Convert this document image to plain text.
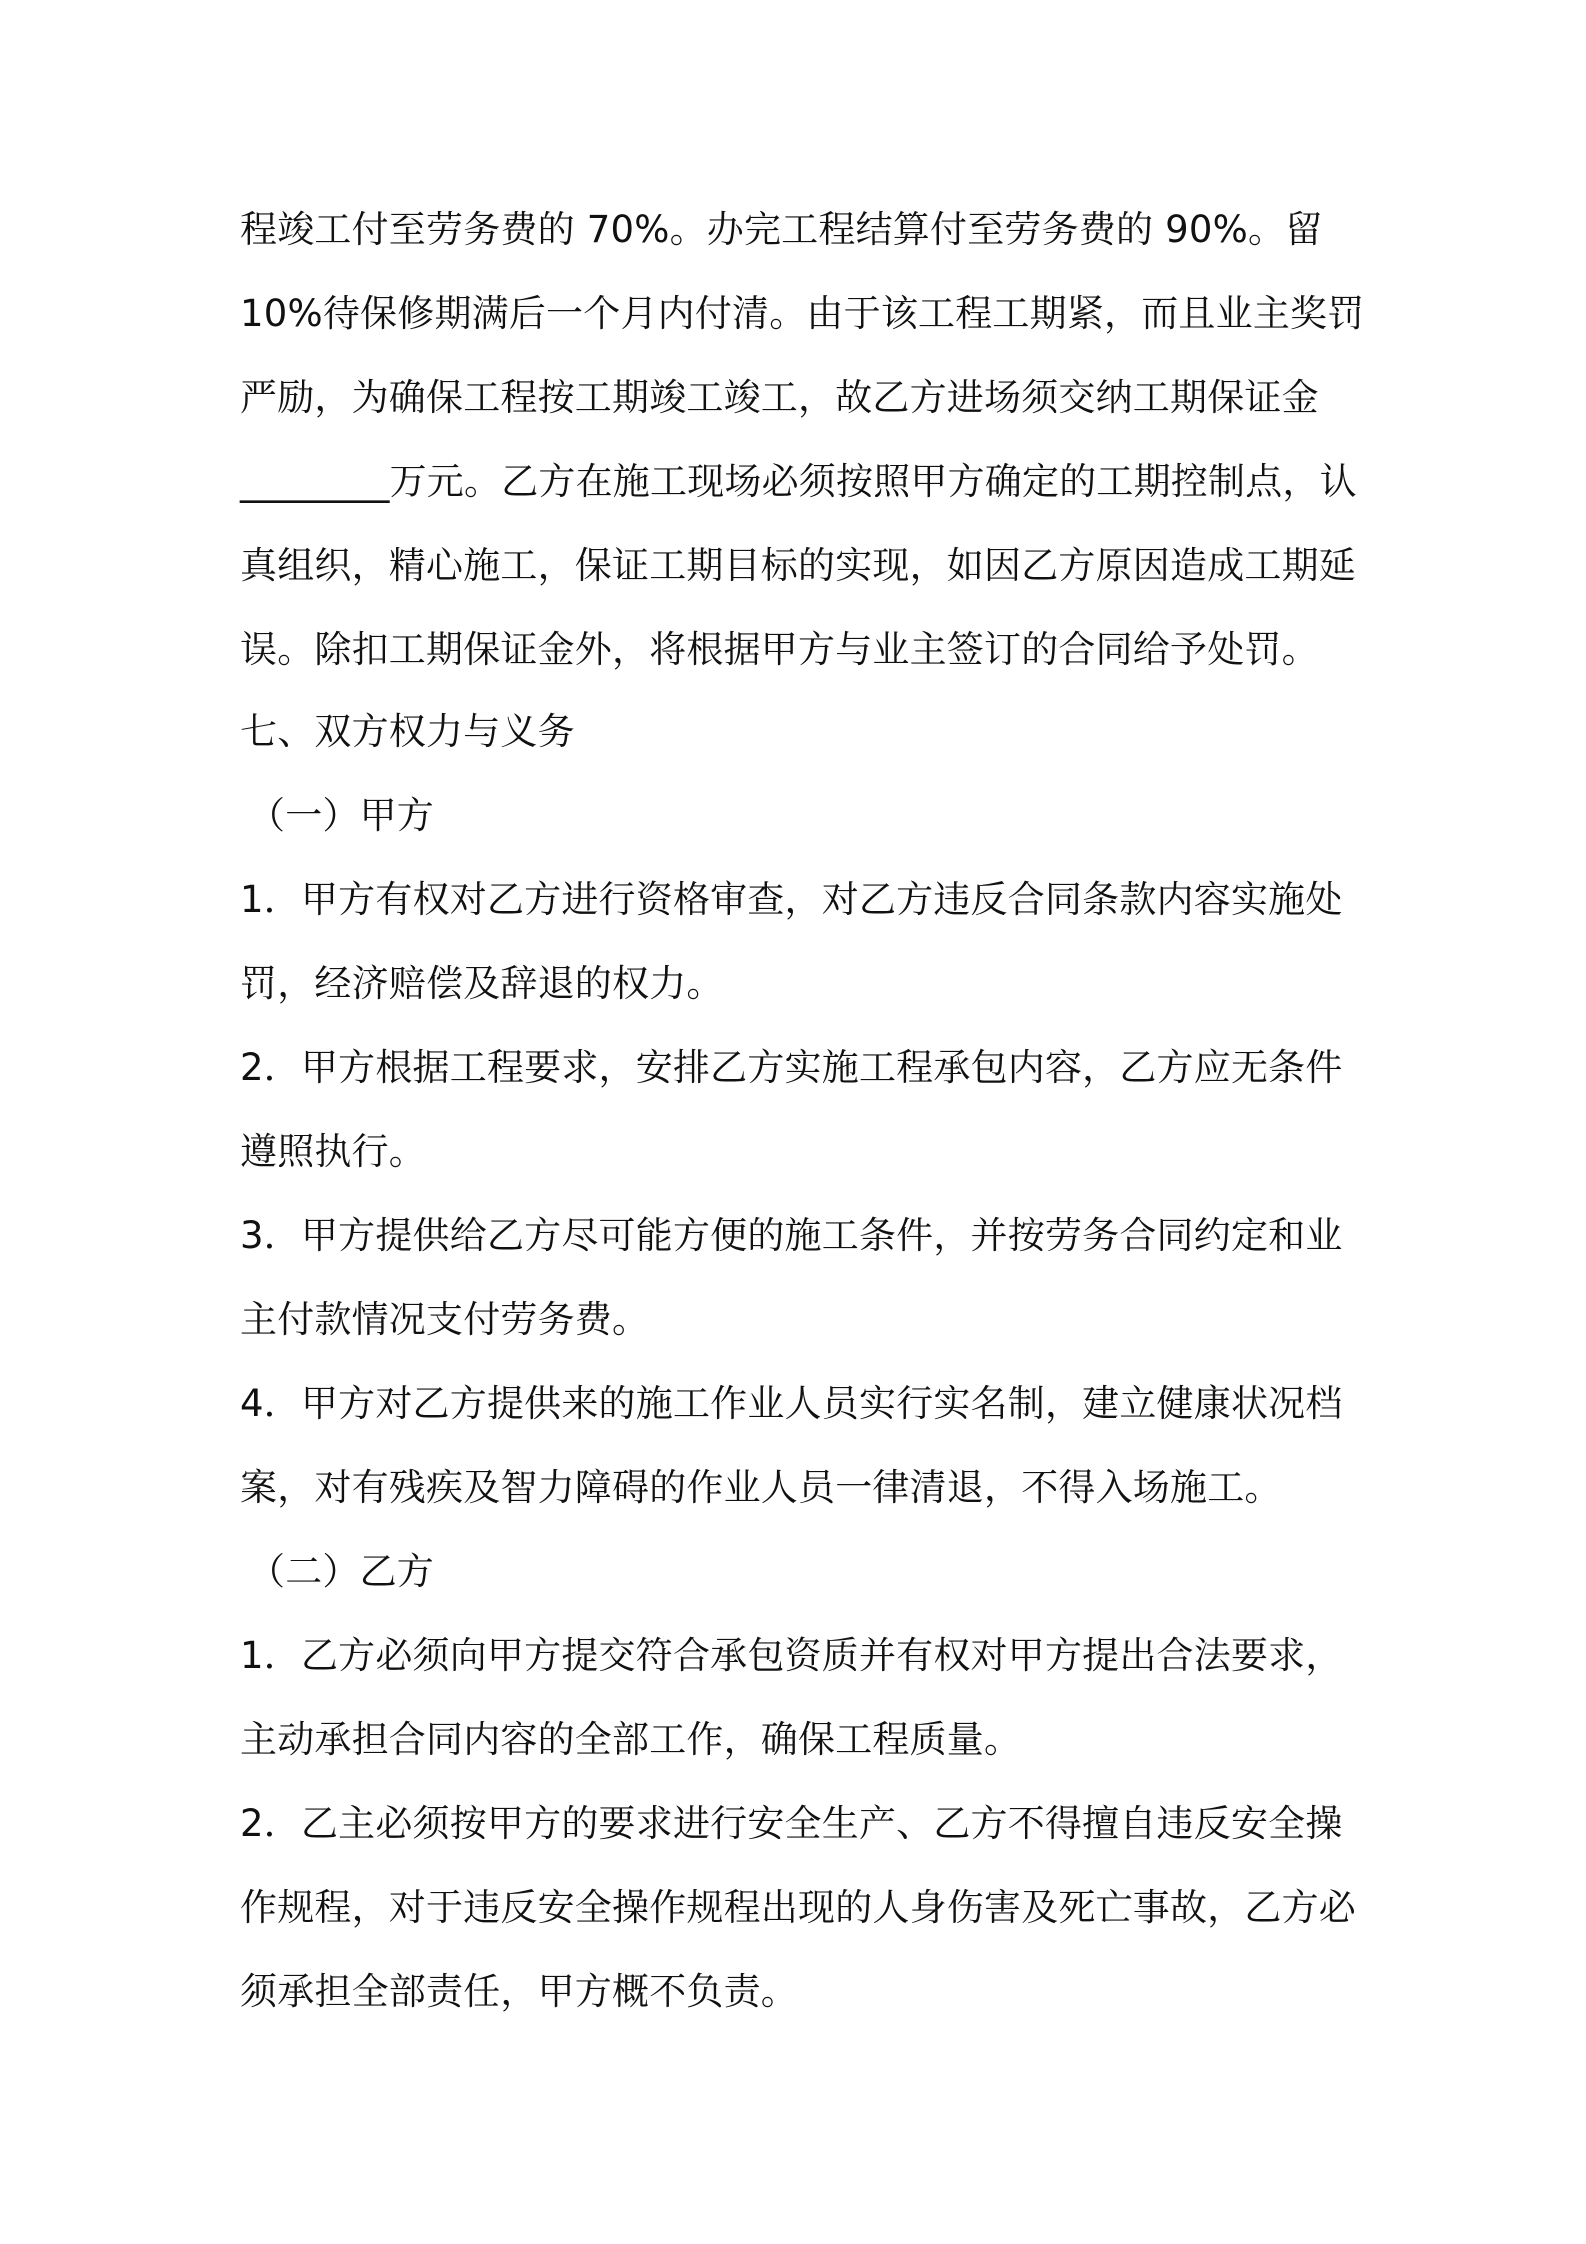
程竣工付至劳务费的 70%。办完工程结算付至劳务费的 90%。留
10%待保修期满后一个月内付清。由于该工程工期紧，而且业主奖罚
严励，为确保工程按工期竣工竣工，故乙方进场须交纳工期保证金
________万元。乙方在施工现场必须按照甲方确定的工期控制点，认
真组织，精心施工，保证工期目标的实现，如因乙方原因造成工期延
误。除扣工期保证金外，将根据甲方与业主签订的合同给予处罚。
七、双方权力与义务
（一）甲方
1．甲方有权对乙方进行资格审查，对乙方违反合同条款内容实施处
罚，经济赔偿及辞退的权力。
2．甲方根据工程要求，安排乙方实施工程承包内容，乙方应无条件
遵照执行。
3．甲方提供给乙方尽可能方便的施工条件，并按劳务合同约定和业
主付款情况支付劳务费。
4．甲方对乙方提供来的施工作业人员实行实名制，建立健康状况档
案，对有残疾及智力障碍的作业人员一律清退，不得入场施工。
（二）乙方
1．乙方必须向甲方提交符合承包资质并有权对甲方提出合法要求，
主动承担合同内容的全部工作，确保工程质量。
2．乙主必须按甲方的要求进行安全生产、乙方不得擅自违反安全操
作规程，对于违反安全操作规程出现的人身伤害及死亡事故，乙方必
须承担全部责任，甲方概不负责。
